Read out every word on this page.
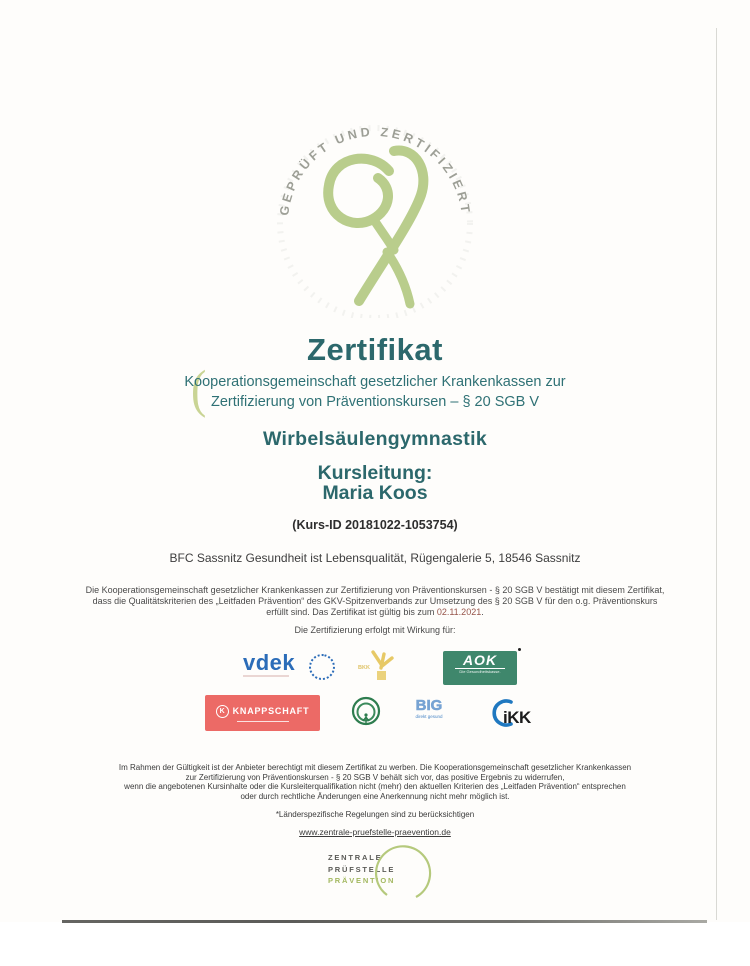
GEPRÜFT UND ZERTIFIZIERT
Zertifikat
(
Kooperationsgemeinschaft gesetzlicher Krankenkassen zur
Zertifizierung von Präventionskursen – § 20 SGB V
Wirbelsäulengymnastik
Kursleitung:
Maria Koos
(Kurs-ID 20181022-1053754)
BFC Sassnitz Gesundheit ist Lebensqualität, Rügengalerie 5, 18546 Sassnitz
Die Kooperationsgemeinschaft gesetzlicher Krankenkassen zur Zertifizierung von Präventionskursen - § 20 SGB V bestätigt mit diesem Zertifikat,
dass die Qualitätskriterien des „Leitfaden Prävention“ des GKV-Spitzenverbands zur Umsetzung des § 20 SGB V für den o.g. Präventionskurs
erfüllt sind. Das Zertifikat ist gültig bis zum 02.11.2021.
Die Zertifizierung erfolgt mit Wirkung für:
vdek	BKK	AOK
Die Gesundheitskasse.
K KNAPPSCHAFT	BIG
direkt gesund	iKK
Im Rahmen der Gültigkeit ist der Anbieter berechtigt mit diesem Zertifikat zu werben. Die Kooperationsgemeinschaft gesetzlicher Krankenkassen
zur Zertifizierung von Präventionskursen - § 20 SGB V behält sich vor, das positive Ergebnis zu widerrufen,
wenn die angebotenen Kursinhalte oder die Kursleiterqualifikation nicht (mehr) den aktuellen Kriterien des „Leitfaden Prävention“ entsprechen
oder durch rechtliche Änderungen eine Anerkennung nicht mehr möglich ist.
*Länderspezifische Regelungen sind zu berücksichtigen
www.zentrale-pruefstelle-praevention.de
ZENTRALE
PRÜFSTELLE
PRÄVENTION
